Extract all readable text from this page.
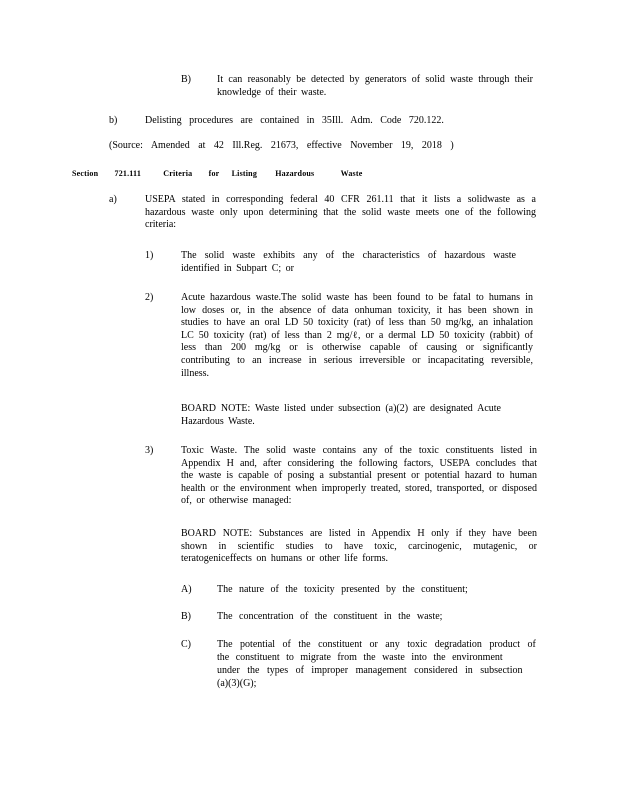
B)	It can reasonably be detected by generators of solid waste through their knowledge of their waste.
b)	Delisting procedures are contained in 35Ill. Adm. Code 720.122.
(Source: Amended at 42 Ill.Reg. 21673, effective November 19, 2018 )
Section 721.111	Criteria for Listing Hazardous	Waste
a)	USEPA stated in corresponding federal 40 CFR 261.11 that it lists a solidwaste as a hazardous waste only upon determining that the solid waste meets one of the following criteria:
1)	The solid waste exhibits any of the characteristics of hazardous waste identified in Subpart C; or
2)	Acute hazardous waste.The solid waste has been found to be fatal to humans in low doses or, in the absence of data onhuman toxicity, it has been shown in studies to have an oral LD 50 toxicity (rat) of less than 50 mg/kg, an inhalation LC 50 toxicity (rat) of less than 2 mg/ℓ, or a dermal LD 50 toxicity (rabbit) of less than 200 mg/kg or is otherwise capable of causing or significantly contributing to an increase in serious irreversible or incapacitating reversible, illness.
BOARD NOTE: Waste listed under subsection (a)(2) are designated Acute Hazardous Waste.
3)	Toxic Waste. The solid waste contains any of the toxic constituents listed in Appendix H and, after considering the following factors, USEPA concludes that the waste is capable of posing a substantial present or potential hazard to human health or the environment when improperly treated, stored, transported, or disposed of, or otherwise managed:
BOARD NOTE: Substances are listed in Appendix H only if they have been shown in scientific studies to have toxic, carcinogenic, mutagenic, or teratogeniceffects on humans or other life forms.
A)	The nature of the toxicity presented by the constituent;
B)	The concentration of the constituent in the waste;
C)	The potential of the constituent or any toxic degradation product of
the constituent to migrate from the waste into the environment
under the types of improper management considered in subsection
(a)(3)(G);
